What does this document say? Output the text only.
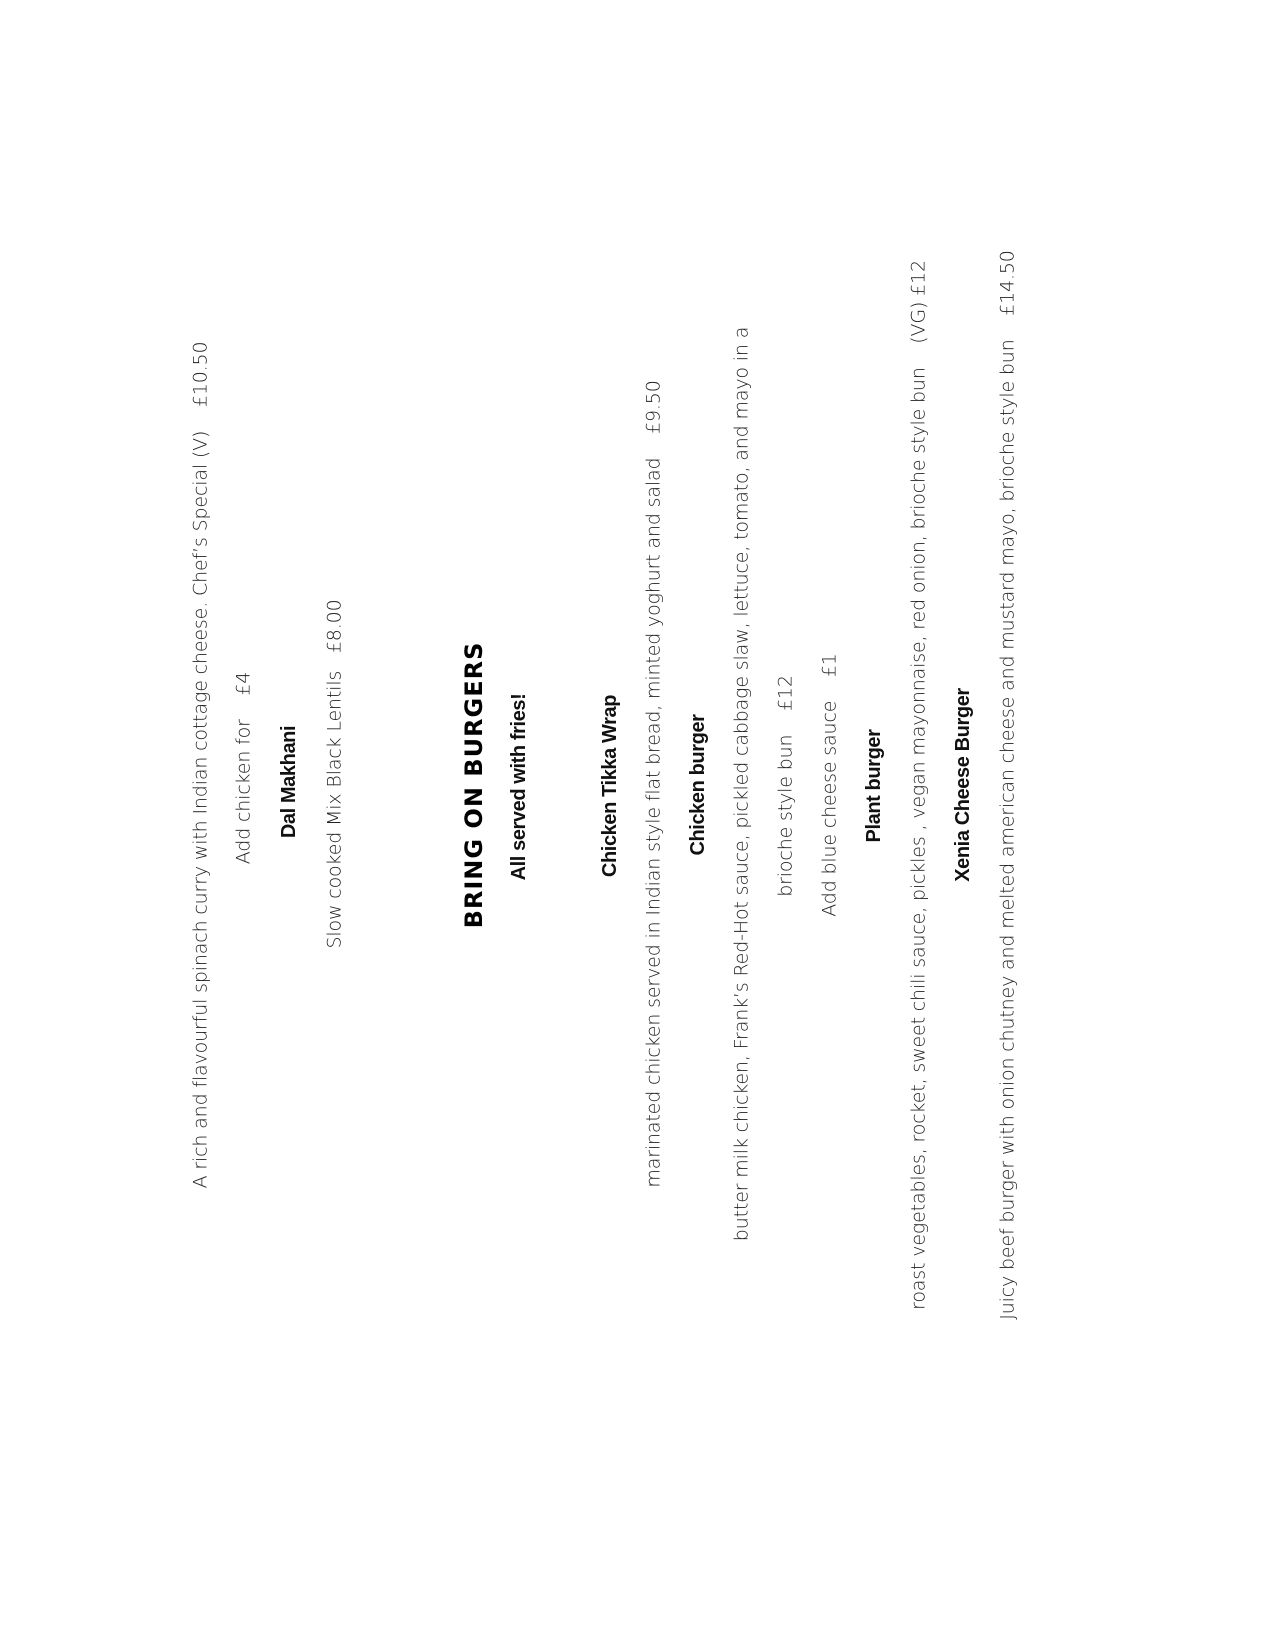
A rich and flavourful spinach curry with Indian cottage cheese. Chef’s Special (V)    £10.50 Add chicken for    £4 Dal Makhani Slow cooked Mix Black Lentils   £8.00	BRING ON BURGERS All served with fries!	Chicken Tikka Wrap marinated chicken served in Indian style flat bread, minted yoghurt and salad    £9.50 Chicken burger butter milk chicken, Frank’s Red-Hot sauce, pickled cabbage slaw, lettuce, tomato, and mayo in a brioche style bun    £12 Add blue cheese sauce    £1 Plant burger roast vegetables, rocket, sweet chili sauce, pickles , vegan mayonnaise, red onion, brioche style bun    (VG) £12 Xenia Cheese Burger Juicy beef burger with onion chutney and melted american cheese and mustard mayo, brioche style bun    £14.50
